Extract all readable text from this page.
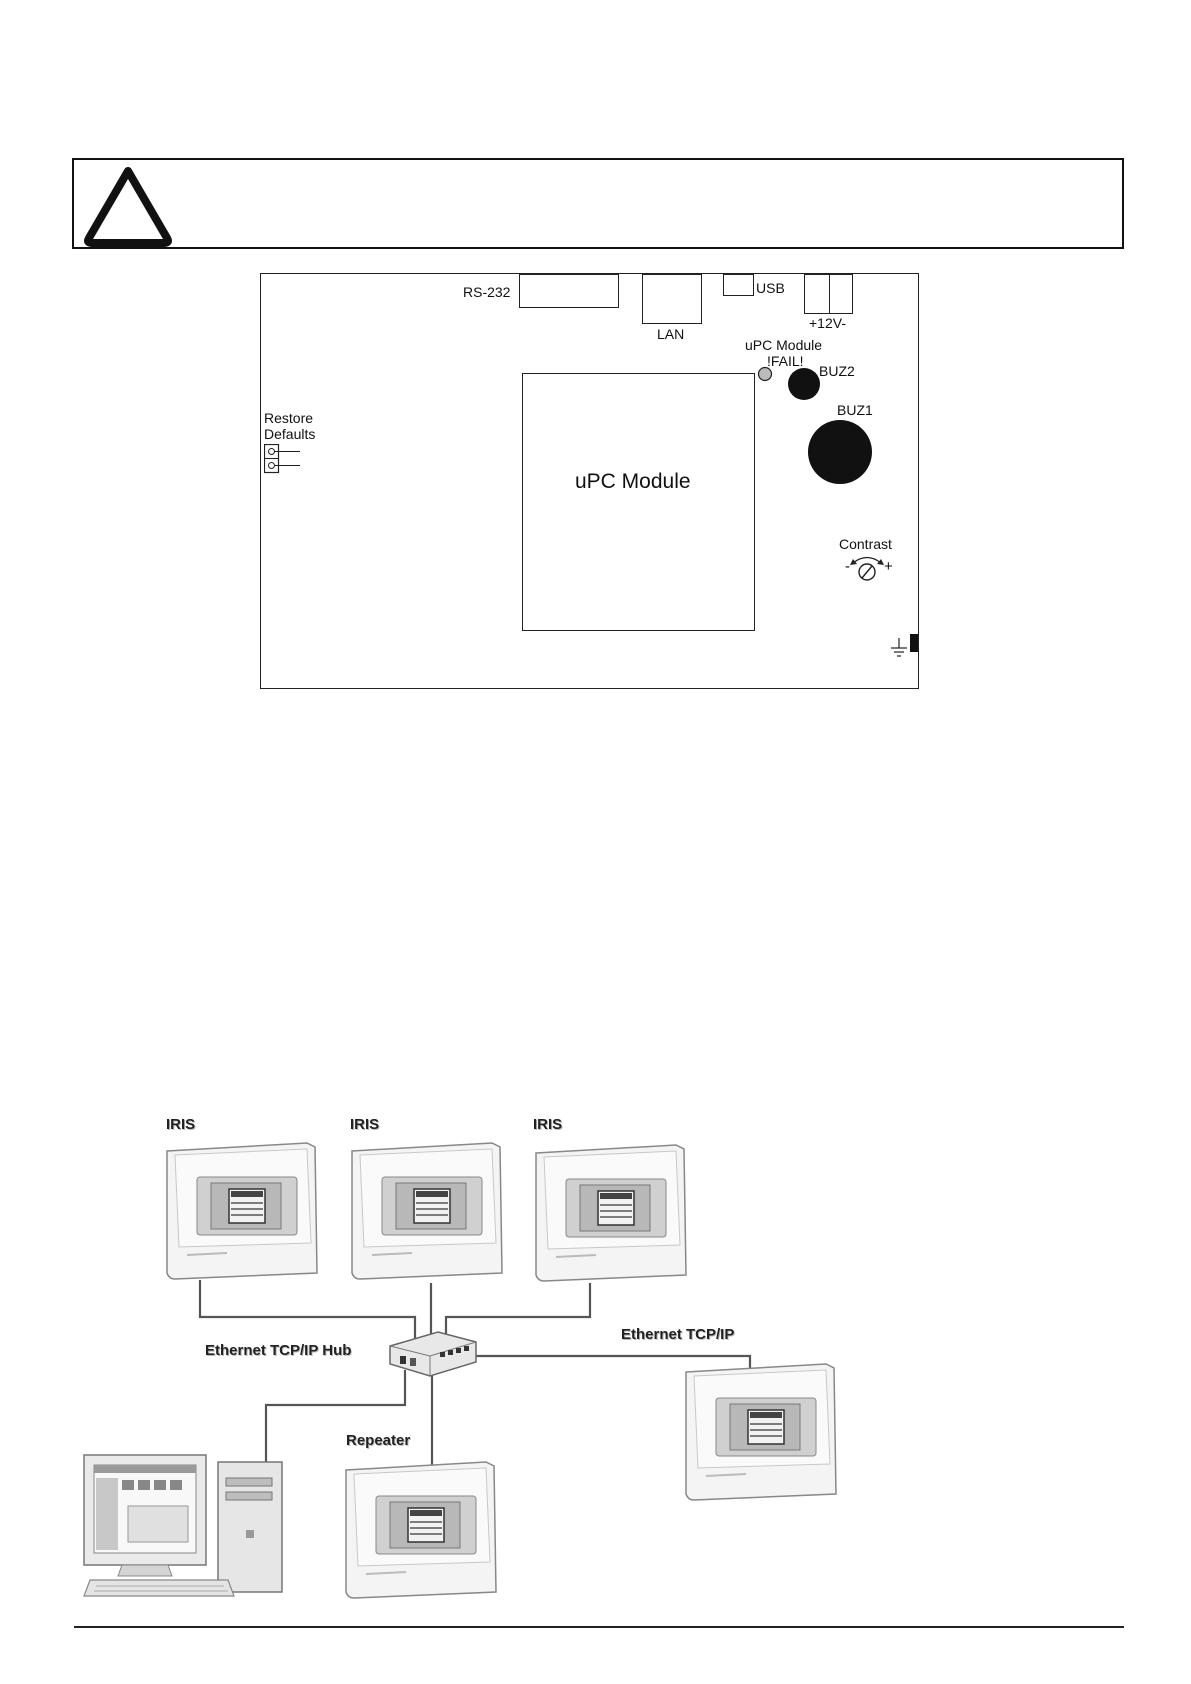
RS-232
LAN
USB
+12V-
uPC Module
!FAIL!
BUZ2
BUZ1
Restore
Defaults
uPC Module
Contrast
- +
IRIS	IRIS	IRIS
Ethernet TCP/IP Hub
Ethernet TCP/IP
Repeater
